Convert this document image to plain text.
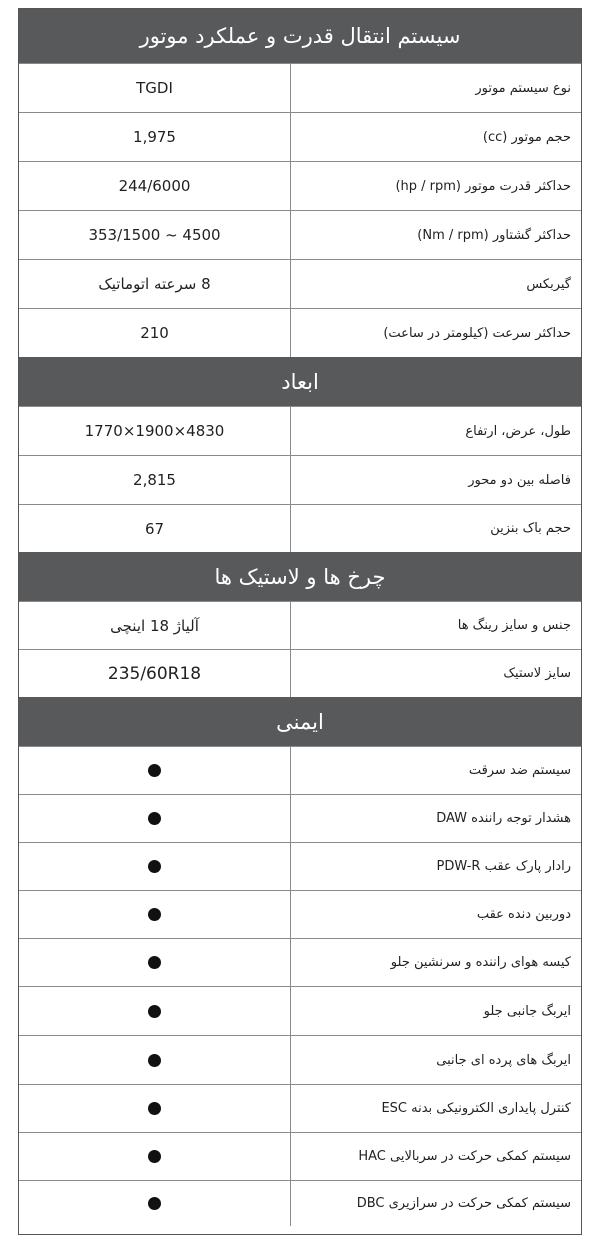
سیستم انتقال قدرت و عملکرد موتور
نوع سیستم موتور
TGDI
حجم موتور (cc)
1,975
حداکثر قدرت موتور (hp / rpm)
244/6000
حداکثر گشتاور (Nm / rpm)
353/1500 ~ 4500
گیربکس
8 سرعته اتوماتیک
حداکثر سرعت (کیلومتر در ساعت)
210
ابعاد
طول، عرض، ارتفاع
4830×1900×1770
فاصله بین دو محور
2,815
حجم باک بنزین
67
چرخ ها و لاستیک ها
جنس و سایز رینگ ها
آلیاژ 18 اینچی
سایز لاستیک
235/60R18
ایمنی
سیستم ضد سرقت
هشدار توجه راننده DAW
رادار پارک عقب PDW-R
دوربین دنده عقب
کیسه هوای راننده و سرنشین جلو
ایربگ جانبی جلو
ایربگ های پرده ای جانبی
کنترل پایداری الکترونیکی بدنه ESC
سیستم کمکی حرکت در سربالایی HAC
سیستم کمکی حرکت در سرازیری DBC
